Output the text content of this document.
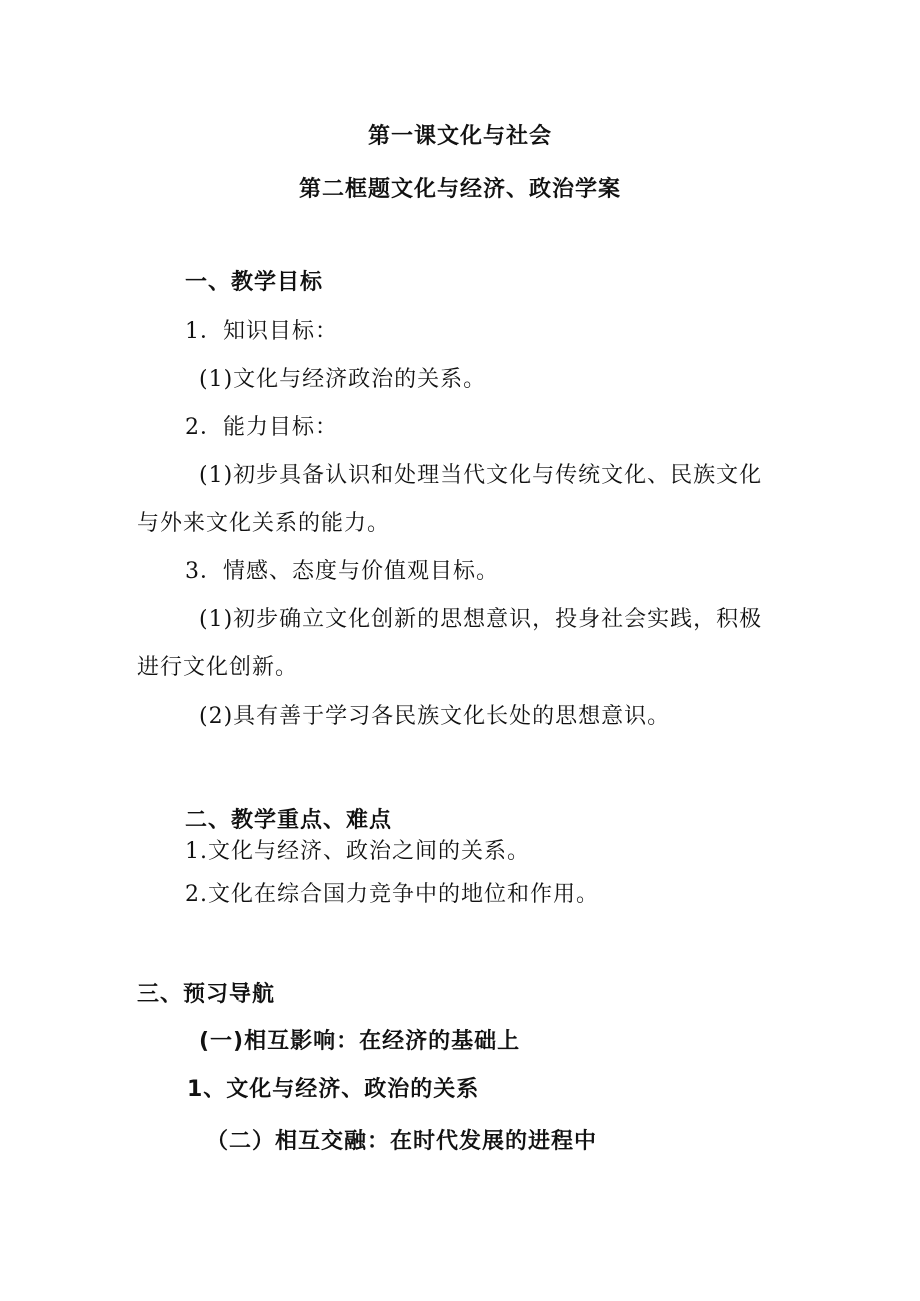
第一课文化与社会
第二框题文化与经济、政治学案
一、教学目标
1．知识目标：
(1)文化与经济政治的关系。
2．能力目标：
(1)初步具备认识和处理当代文化与传统文化、民族文化
与外来文化关系的能力。
3．情感、态度与价值观目标。
(1)初步确立文化创新的思想意识，投身社会实践，积极
进行文化创新。
(2)具有善于学习各民族文化长处的思想意识。
二、教学重点、难点
1.文化与经济、政治之间的关系。
2.文化在综合国力竞争中的地位和作用。
三、预习导航
(一)相互影响：在经济的基础上
1、文化与经济、政治的关系
（二）相互交融：在时代发展的进程中
